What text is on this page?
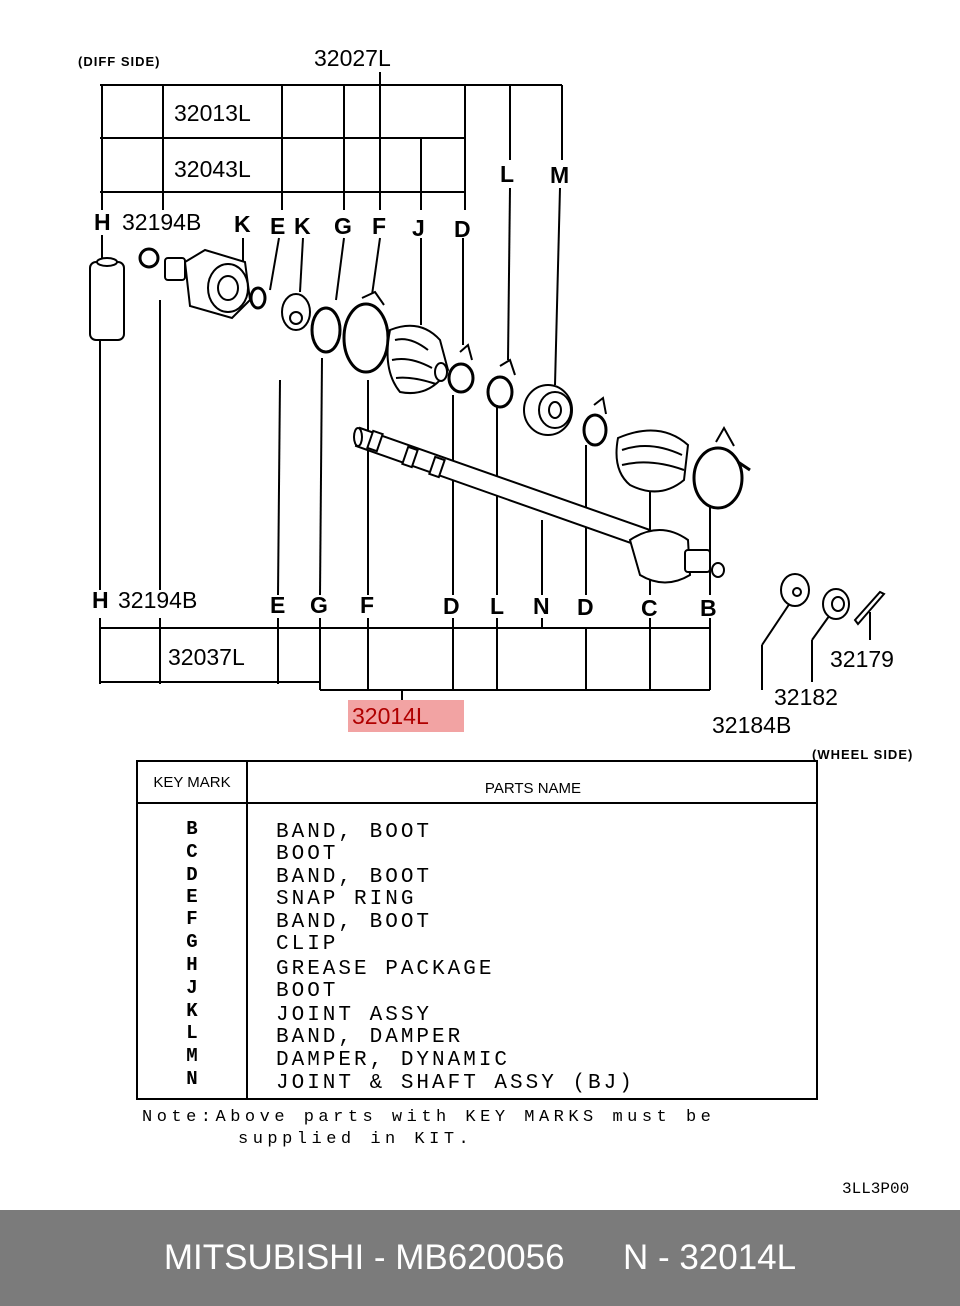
(DIFF SIDE)
(WHEEL SIDE)
32027L
32013L
32043L
H 32194B K E K G F J D
L M
H 32194B	E G F	D L N D C B
32037L
32014L
32179
32182
32184B
KEY MARK	PARTS NAME
B	BAND, BOOT
C	BOOT
D	BAND, BOOT
E	SNAP RING
F	BAND, BOOT
G	CLIP
H	GREASE PACKAGE
J	BOOT
K	JOINT ASSY
L	BAND, DAMPER
M	DAMPER, DYNAMIC
N	JOINT & SHAFT ASSY (BJ)
Note:Above parts with KEY MARKS must be
supplied in KIT.
3LL3P00
MITSUBISHI - MB620056
N - 32014L
